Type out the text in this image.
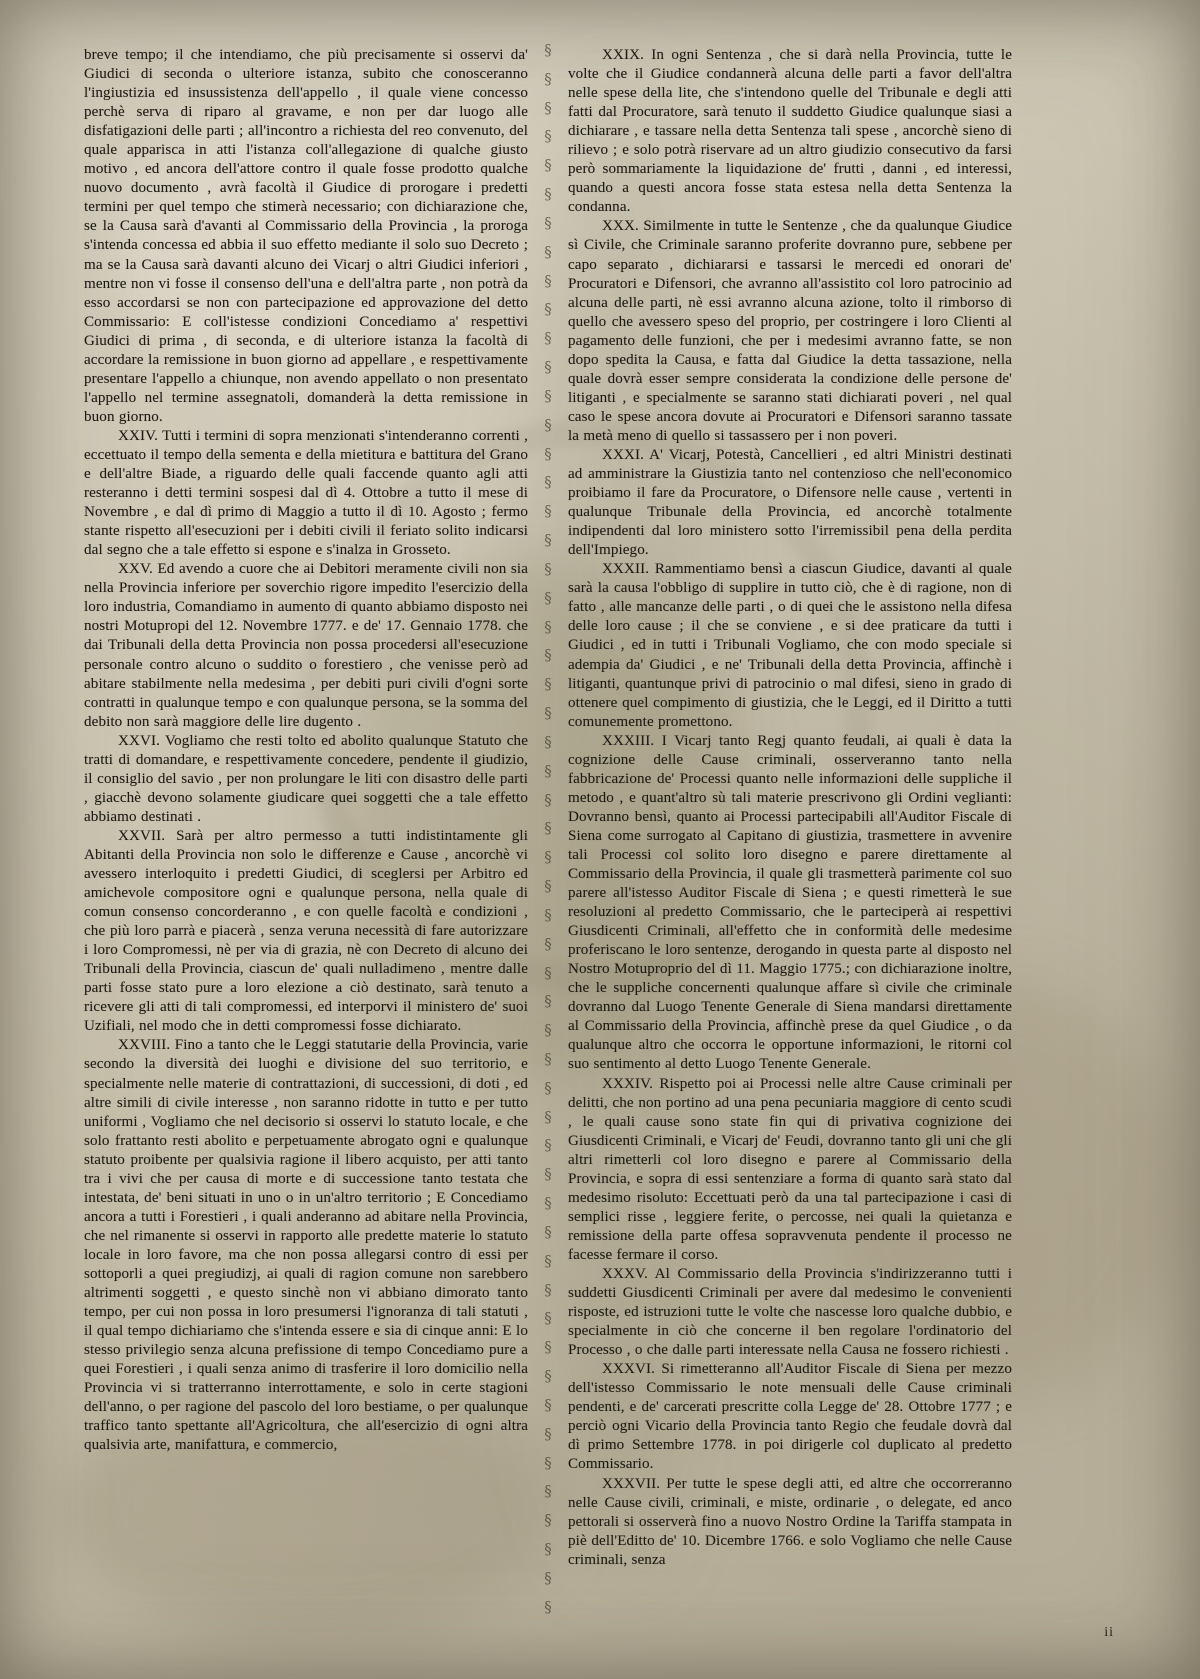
breve tempo; il che intendiamo, che più precisamente si osservi da' Giudici di seconda o ulteriore istanza, subito che conosceranno l'ingiustizia ed insussistenza dell'appello , il quale viene concesso perchè serva di riparo al gravame, e non per dar luogo alle disfatigazioni delle parti ; all'incontro a richiesta del reo convenuto, del quale apparisca in atti l'istanza coll'allegazione di qualche giusto motivo , ed ancora dell'attore contro il quale fosse prodotto qualche nuovo documento , avrà facoltà il Giudice di prorogare i predetti termini per quel tempo che stimerà necessario; con dichiarazione che, se la Causa sarà d'avanti al Commissario della Provincia , la proroga s'intenda concessa ed abbia il suo effetto mediante il solo suo Decreto ; ma se la Causa sarà davanti alcuno dei Vicarj o altri Giudici inferiori , mentre non vi fosse il consenso dell'una e dell'altra parte , non potrà da esso accordarsi se non con partecipazione ed approvazione del detto Commissario: E coll'istesse condizioni Concediamo a' respettivi Giudici di prima , di seconda, e di ulteriore istanza la facoltà di accordare la remissione in buon giorno ad appellare , e respettivamente presentare l'appello a chiunque, non avendo appellato o non presentato l'appello nel termine assegnatoli, domanderà la detta remissione in buon giorno.

XXIV. Tutti i termini di sopra menzionati s'intenderanno correnti , eccettuato il tempo della sementa e della mietitura e battitura del Grano e dell'altre Biade, a riguardo delle quali faccende quanto agli atti resteranno i detti termini sospesi dal dì 4. Ottobre a tutto il mese di Novembre , e dal dì primo di Maggio a tutto il dì 10. Agosto ; fermo stante rispetto all'esecuzioni per i debiti civili il feriato solito indicarsi dal segno che a tale effetto si espone e s'inalza in Grosseto.

XXV. Ed avendo a cuore che ai Debitori meramente civili non sia nella Provincia inferiore per soverchio rigore impedito l'esercizio della loro industria, Comandiamo in aumento di quanto abbiamo disposto nei nostri Motupropi del 12. Novembre 1777. e de' 17. Gennaio 1778. che dai Tribunali della detta Provincia non possa procedersi all'esecuzione personale contro alcuno o suddito o forestiero , che venisse però ad abitare stabilmente nella medesima , per debiti puri civili d'ogni sorte contratti in qualunque tempo e con qualunque persona, se la somma del debito non sarà maggiore delle lire dugento .

XXVI. Vogliamo che resti tolto ed abolito qualunque Statuto che tratti di domandare, e respettivamente concedere, pendente il giudizio, il consiglio del savio , per non prolungare le liti con disastro delle parti , giacchè devono solamente giudicare quei soggetti che a tale effetto abbiamo destinati .

XXVII. Sarà per altro permesso a tutti indistintamente gli Abitanti della Provincia non solo le differenze e Cause , ancorchè vi avessero interloquito i predetti Giudici, di sceglersi per Arbitro ed amichevole compositore ogni e qualunque persona, nella quale di comun consenso concorderanno , e con quelle facoltà e condizioni , che più loro parrà e piacerà , senza veruna necessità di fare autorizzare i loro Compromessi, nè per via di grazia, nè con Decreto di alcuno dei Tribunali della Provincia, ciascun de' quali nulladimeno , mentre dalle parti fosse stato pure a loro elezione a ciò destinato, sarà tenuto a ricevere gli atti di tali compromessi, ed interporvi il ministero de' suoi Uzifiali, nel modo che in detti compromessi fosse dichiarato.

XXVIII. Fino a tanto che le Leggi statutarie della Provincia, varie secondo la diversità dei luoghi e divisione del suo territorio, e specialmente nelle materie di contrattazioni, di successioni, di doti , ed altre simili di civile interesse , non saranno ridotte in tutto e per tutto uniformi , Vogliamo che nel decisorio si osservi lo statuto locale, e che solo frattanto resti abolito e perpetuamente abrogato ogni e qualunque statuto proibente per qualsivia ragione il libero acquisto, per atti tanto tra i vivi che per causa di morte e di successione tanto testata che intestata, de' beni situati in uno o in un'altro territorio ; E Concediamo ancora a tutti i Forestieri , i quali anderanno ad abitare nella Provincia, che nel rimanente si osservi in rapporto alle predette materie lo statuto locale in loro favore, ma che non possa allegarsi contro di essi per sottoporli a quei pregiudizj, ai quali di ragion comune non sarebbero altrimenti soggetti , e questo sinchè non vi abbiano dimorato tanto tempo, per cui non possa in loro presumersi l'ignoranza di tali statuti , il qual tempo dichiariamo che s'intenda essere e sia di cinque anni: E lo stesso privilegio senza alcuna prefissione di tempo Concediamo pure a quei Forestieri , i quali senza animo di trasferire il loro domicilio nella Provincia vi si tratterranno interrottamente, e solo in certe stagioni dell'anno, o per ragione del pascolo del loro bestiame, o per qualunque traffico tanto spettante all'Agricoltura, che all'esercizio di ogni altra qualsivia arte, manifattura, e commercio,

XXIX. In ogni Sentenza , che si darà nella Provincia, tutte le volte che il Giudice condannerà alcuna delle parti a favor dell'altra nelle spese della lite, che s'intendono quelle del Tribunale e degli atti fatti dal Procuratore, sarà tenuto il suddetto Giudice qualunque siasi a dichiarare , e tassare nella detta Sentenza tali spese , ancorchè sieno di rilievo ; e solo potrà riservare ad un altro giudizio consecutivo da farsi però sommariamente la liquidazione de' frutti , danni , ed interessi, quando a questi ancora fosse stata estesa nella detta Sentenza la condanna.

XXX. Similmente in tutte le Sentenze , che da qualunque Giudice sì Civile, che Criminale saranno proferite dovranno pure, sebbene per capo separato , dichiararsi e tassarsi le mercedi ed onorari de' Procuratori e Difensori, che avranno all'assistito col loro patrocinio ad alcuna delle parti, nè essi avranno alcuna azione, tolto il rimborso di quello che avessero speso del proprio, per costringere i loro Clienti al pagamento delle funzioni, che per i medesimi avranno fatte, se non dopo spedita la Causa, e fatta dal Giudice la detta tassazione, nella quale dovrà esser sempre considerata la condizione delle persone de' litiganti , e specialmente se saranno stati dichiarati poveri , nel qual caso le spese ancora dovute ai Procuratori e Difensori saranno tassate la metà meno di quello si tassassero per i non poveri.

XXXI. A' Vicarj, Potestà, Cancellieri , ed altri Ministri destinati ad amministrare la Giustizia tanto nel contenzioso che nell'economico proibiamo il fare da Procuratore, o Difensore nelle cause , vertenti in qualunque Tribunale della Provincia, ed ancorchè totalmente indipendenti dal loro ministero sotto l'irremissibil pena della perdita dell'Impiego.

XXXII. Rammentiamo bensì a ciascun Giudice, davanti al quale sarà la causa l'obbligo di supplire in tutto ciò, che è di ragione, non di fatto , alle mancanze delle parti , o di quei che le assistono nella difesa delle loro cause ; il che se conviene , e si dee praticare da tutti i Giudici , ed in tutti i Tribunali Vogliamo, che con modo speciale si adempia da' Giudici , e ne' Tribunali della detta Provincia, affinchè i litiganti, quantunque privi di patrocinio o mal difesi, sieno in grado di ottenere quel compimento di giustizia, che le Leggi, ed il Diritto a tutti comunemente promettono.

XXXIII. I Vicarj tanto Regj quanto feudali, ai quali è data la cognizione delle Cause criminali, osserveranno tanto nella fabbricazione de' Processi quanto nelle informazioni delle suppliche il metodo , e quant'altro sù tali materie prescrivono gli Ordini veglianti: Dovranno bensì, quanto ai Processi partecipabili all'Auditor Fiscale di Siena come surrogato al Capitano di giustizia, trasmettere in avvenire tali Processi col solito loro disegno e parere direttamente al Commissario della Provincia, il quale gli trasmetterà parimente col suo parere all'istesso Auditor Fiscale di Siena ; e questi rimetterà le sue resoluzioni al predetto Commissario, che le parteciperà ai respettivi Giusdicenti Criminali, all'effetto che in conformità delle medesime proferiscano le loro sentenze, derogando in questa parte al disposto nel Nostro Motuproprio del dì 11. Maggio 1775.; con dichiarazione inoltre, che le suppliche concernenti qualunque affare sì civile che criminale dovranno dal Luogo Tenente Generale di Siena mandarsi direttamente al Commissario della Provincia, affinchè prese da quel Giudice , o da qualunque altro che occorra le opportune informazioni, le ritorni col suo sentimento al detto Luogo Tenente Generale.

XXXIV. Rispetto poi ai Processi nelle altre Cause criminali per delitti, che non portino ad una pena pecuniaria maggiore di cento scudi , le quali cause sono state fin qui di privativa cognizione dei Giusdicenti Criminali, e Vicarj de' Feudi, dovranno tanto gli uni che gli altri rimetterli col loro disegno e parere al Commissario della Provincia, e sopra di essi sentenziare a forma di quanto sarà stato dal medesimo risoluto: Eccettuati però da una tal partecipazione i casi di semplici risse , leggiere ferite, o percosse, nei quali la quietanza e remissione della parte offesa sopravvenuta pendente il processo ne facesse fermare il corso.

XXXV. Al Commissario della Provincia s'indirizzeranno tutti i suddetti Giusdicenti Criminali per avere dal medesimo le convenienti risposte, ed istruzioni tutte le volte che nascesse loro qualche dubbio, e specialmente in ciò che concerne il ben regolare l'ordinatorio del Processo , o che dalle parti interessate nella Causa ne fossero richiesti .

XXXVI. Si rimetteranno all'Auditor Fiscale di Siena per mezzo dell'istesso Commissario le note mensuali delle Cause criminali pendenti, e de' carcerati prescritte colla Legge de' 28. Ottobre 1777 ; e perciò ogni Vicario della Provincia tanto Regio che feudale dovrà dal dì primo Settembre 1778. in poi dirigerle col duplicato al predetto Commissario.

XXXVII. Per tutte le spese degli atti, ed altre che occorreranno nelle Cause civili, criminali, e miste, ordinarie , o delegate, ed anco pettorali si osserverà fino a nuovo Nostro Ordine la Tariffa stampata in piè dell'Editto de' 10. Dicembre 1766. e solo Vogliamo che nelle Cause criminali, senza

§
§
§
§
§
§
§
§
§
§
§
§
§
§
§
§
§
§
§
§
§
§
§
§
§
§
§
§
§
§
§
§
§
§
§
§
§
§
§
§
§
§
§
§
§
§
§
§
§
§
§
§
§
§
§
ii
